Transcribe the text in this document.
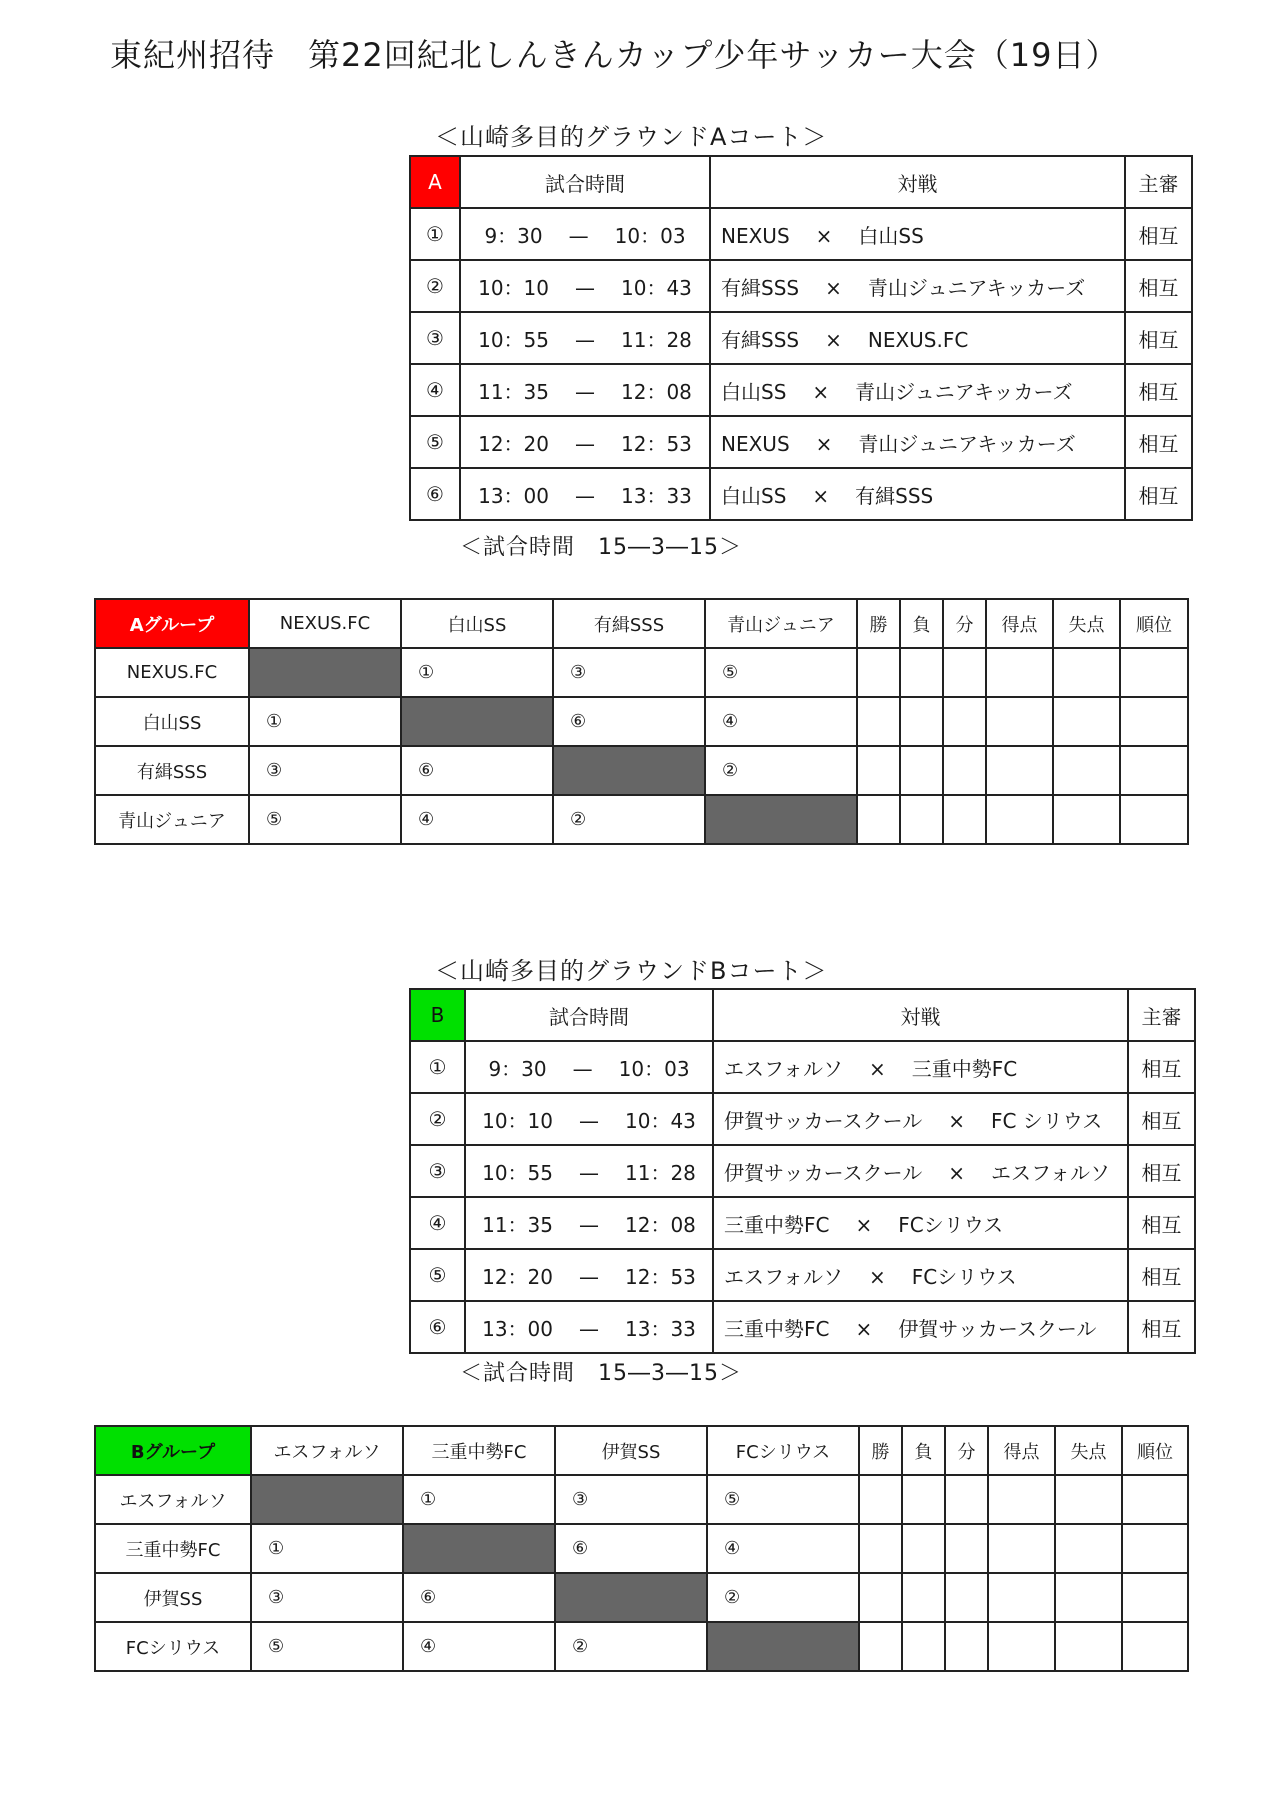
東紀州招待　第22回紀北しんきんカップ少年サッカー大会（19日）
＜山崎多目的グラウンドAコート＞
A	試合時間	対戦	主審
①	9：30 — 10：03	NEXUS × 白山SS	相互
②	10：10 — 10：43	有緝SSS × 青山ジュニアキッカーズ	相互
③	10：55 — 11：28	有緝SSS × NEXUS.FC	相互
④	11：35 — 12：08	白山SS × 青山ジュニアキッカーズ	相互
⑤	12：20 — 12：53	NEXUS × 青山ジュニアキッカーズ	相互
⑥	13：00 — 13：33	白山SS × 有緝SSS	相互
＜試合時間　15―3―15＞
Aグループ	NEXUS.FC	白山SS	有緝SSS	青山ジュニア	勝	負	分	得点	失点	順位
NEXUS.FC		①	③	⑤						
白山SS	①		⑥	④						
有緝SSS	③	⑥		②						
青山ジュニア	⑤	④	②							
＜山崎多目的グラウンドBコート＞
B	試合時間	対戦	主審
①	9：30 — 10：03	エスフォルソ × 三重中勢FC	相互
②	10：10 — 10：43	伊賀サッカースクール × FC シリウス	相互
③	10：55 — 11：28	伊賀サッカースクール × エスフォルソ	相互
④	11：35 — 12：08	三重中勢FC × FCシリウス	相互
⑤	12：20 — 12：53	エスフォルソ × FCシリウス	相互
⑥	13：00 — 13：33	三重中勢FC × 伊賀サッカースクール	相互
＜試合時間　15―3―15＞
Bグループ	エスフォルソ	三重中勢FC	伊賀SS	FCシリウス	勝	負	分	得点	失点	順位
エスフォルソ		①	③	⑤						
三重中勢FC	①		⑥	④						
伊賀SS	③	⑥		②						
FCシリウス	⑤	④	②							
